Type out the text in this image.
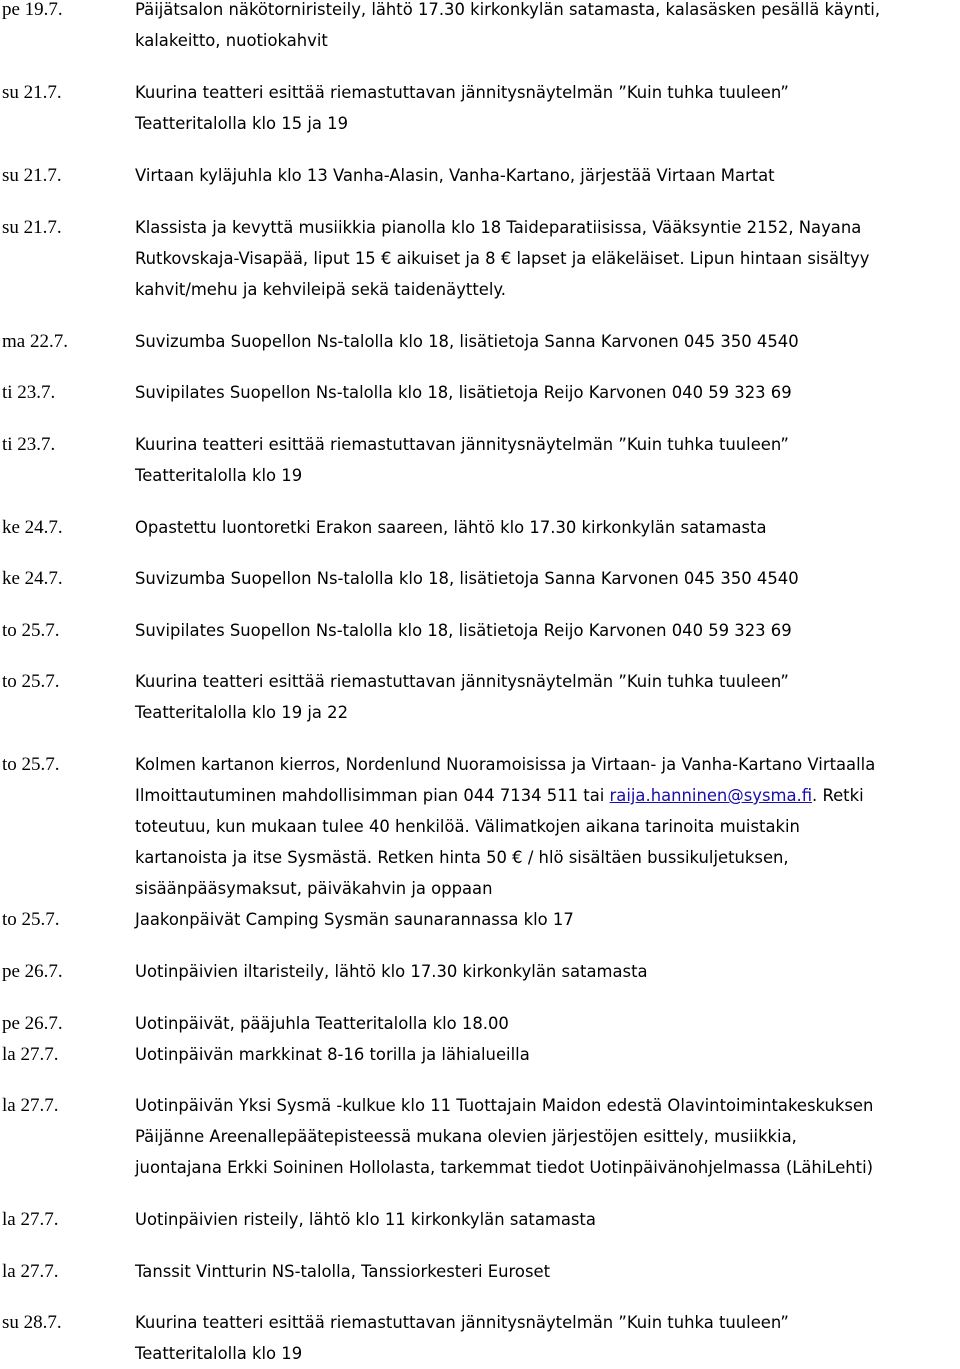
pe 19.7.	Päijätsalon näkötorniristeily, lähtö 17.30 kirkonkylän satamasta, kalasäsken pesällä käynti,
kalakeitto, nuotiokahvit
su 21.7.	Kuurina teatteri esittää riemastuttavan jännitysnäytelmän ”Kuin tuhka tuuleen”
Teatteritalolla klo 15 ja 19
su 21.7.	Virtaan kyläjuhla klo 13 Vanha-Alasin, Vanha-Kartano, järjestää Virtaan Martat
su 21.7.	Klassista ja kevyttä musiikkia pianolla klo 18 Taideparatiisissa, Vääksyntie 2152, Nayana
Rutkovskaja-Visapää, liput 15 € aikuiset ja 8 € lapset ja eläkeläiset. Lipun hintaan sisältyy
kahvit/mehu ja kehvileipä sekä taidenäyttely.
ma 22.7.	Suvizumba Suopellon Ns-talolla klo 18, lisätietoja Sanna Karvonen 045 350 4540
ti 23.7.	Suvipilates Suopellon Ns-talolla klo 18, lisätietoja Reijo Karvonen 040 59 323 69
ti 23.7.	Kuurina teatteri esittää riemastuttavan jännitysnäytelmän ”Kuin tuhka tuuleen”
Teatteritalolla klo 19
ke 24.7.	Opastettu luontoretki Erakon saareen, lähtö klo 17.30 kirkonkylän satamasta
ke 24.7.	Suvizumba Suopellon Ns-talolla klo 18, lisätietoja Sanna Karvonen 045 350 4540
to 25.7.	Suvipilates Suopellon Ns-talolla klo 18, lisätietoja Reijo Karvonen 040 59 323 69
to 25.7.	Kuurina teatteri esittää riemastuttavan jännitysnäytelmän ”Kuin tuhka tuuleen”
Teatteritalolla klo 19 ja 22
to 25.7.	Kolmen kartanon kierros, Nordenlund Nuoramoisissa ja Virtaan- ja Vanha-Kartano Virtaalla
Ilmoittautuminen mahdollisimman pian 044 7134 511 tai raija.hanninen@sysma.fi. Retki
toteutuu, kun mukaan tulee 40 henkilöä. Välimatkojen aikana tarinoita muistakin
kartanoista ja itse Sysmästä. Retken hinta 50 € / hlö sisältäen bussikuljetuksen,
sisäänpääsymaksut, päiväkahvin ja oppaan
to 25.7.	Jaakonpäivät Camping Sysmän saunarannassa klo 17
pe 26.7.	Uotinpäivien iltaristeily, lähtö klo 17.30 kirkonkylän satamasta
pe 26.7.	Uotinpäivät, pääjuhla Teatteritalolla klo 18.00
la 27.7.	Uotinpäivän markkinat 8-16 torilla ja lähialueilla
la 27.7.	Uotinpäivän Yksi Sysmä -kulkue klo 11 Tuottajain Maidon edestä Olavintoimintakeskuksen
Päijänne Areenallepäätepisteessä mukana olevien järjestöjen esittely, musiikkia,
juontajana Erkki Soininen Hollolasta, tarkemmat tiedot Uotinpäivänohjelmassa (LähiLehti)
la 27.7.	Uotinpäivien risteily, lähtö klo 11 kirkonkylän satamasta
la 27.7.	Tanssit Vintturin NS-talolla, Tanssiorkesteri Euroset
su 28.7.	Kuurina teatteri esittää riemastuttavan jännitysnäytelmän ”Kuin tuhka tuuleen”
Teatteritalolla klo 19
